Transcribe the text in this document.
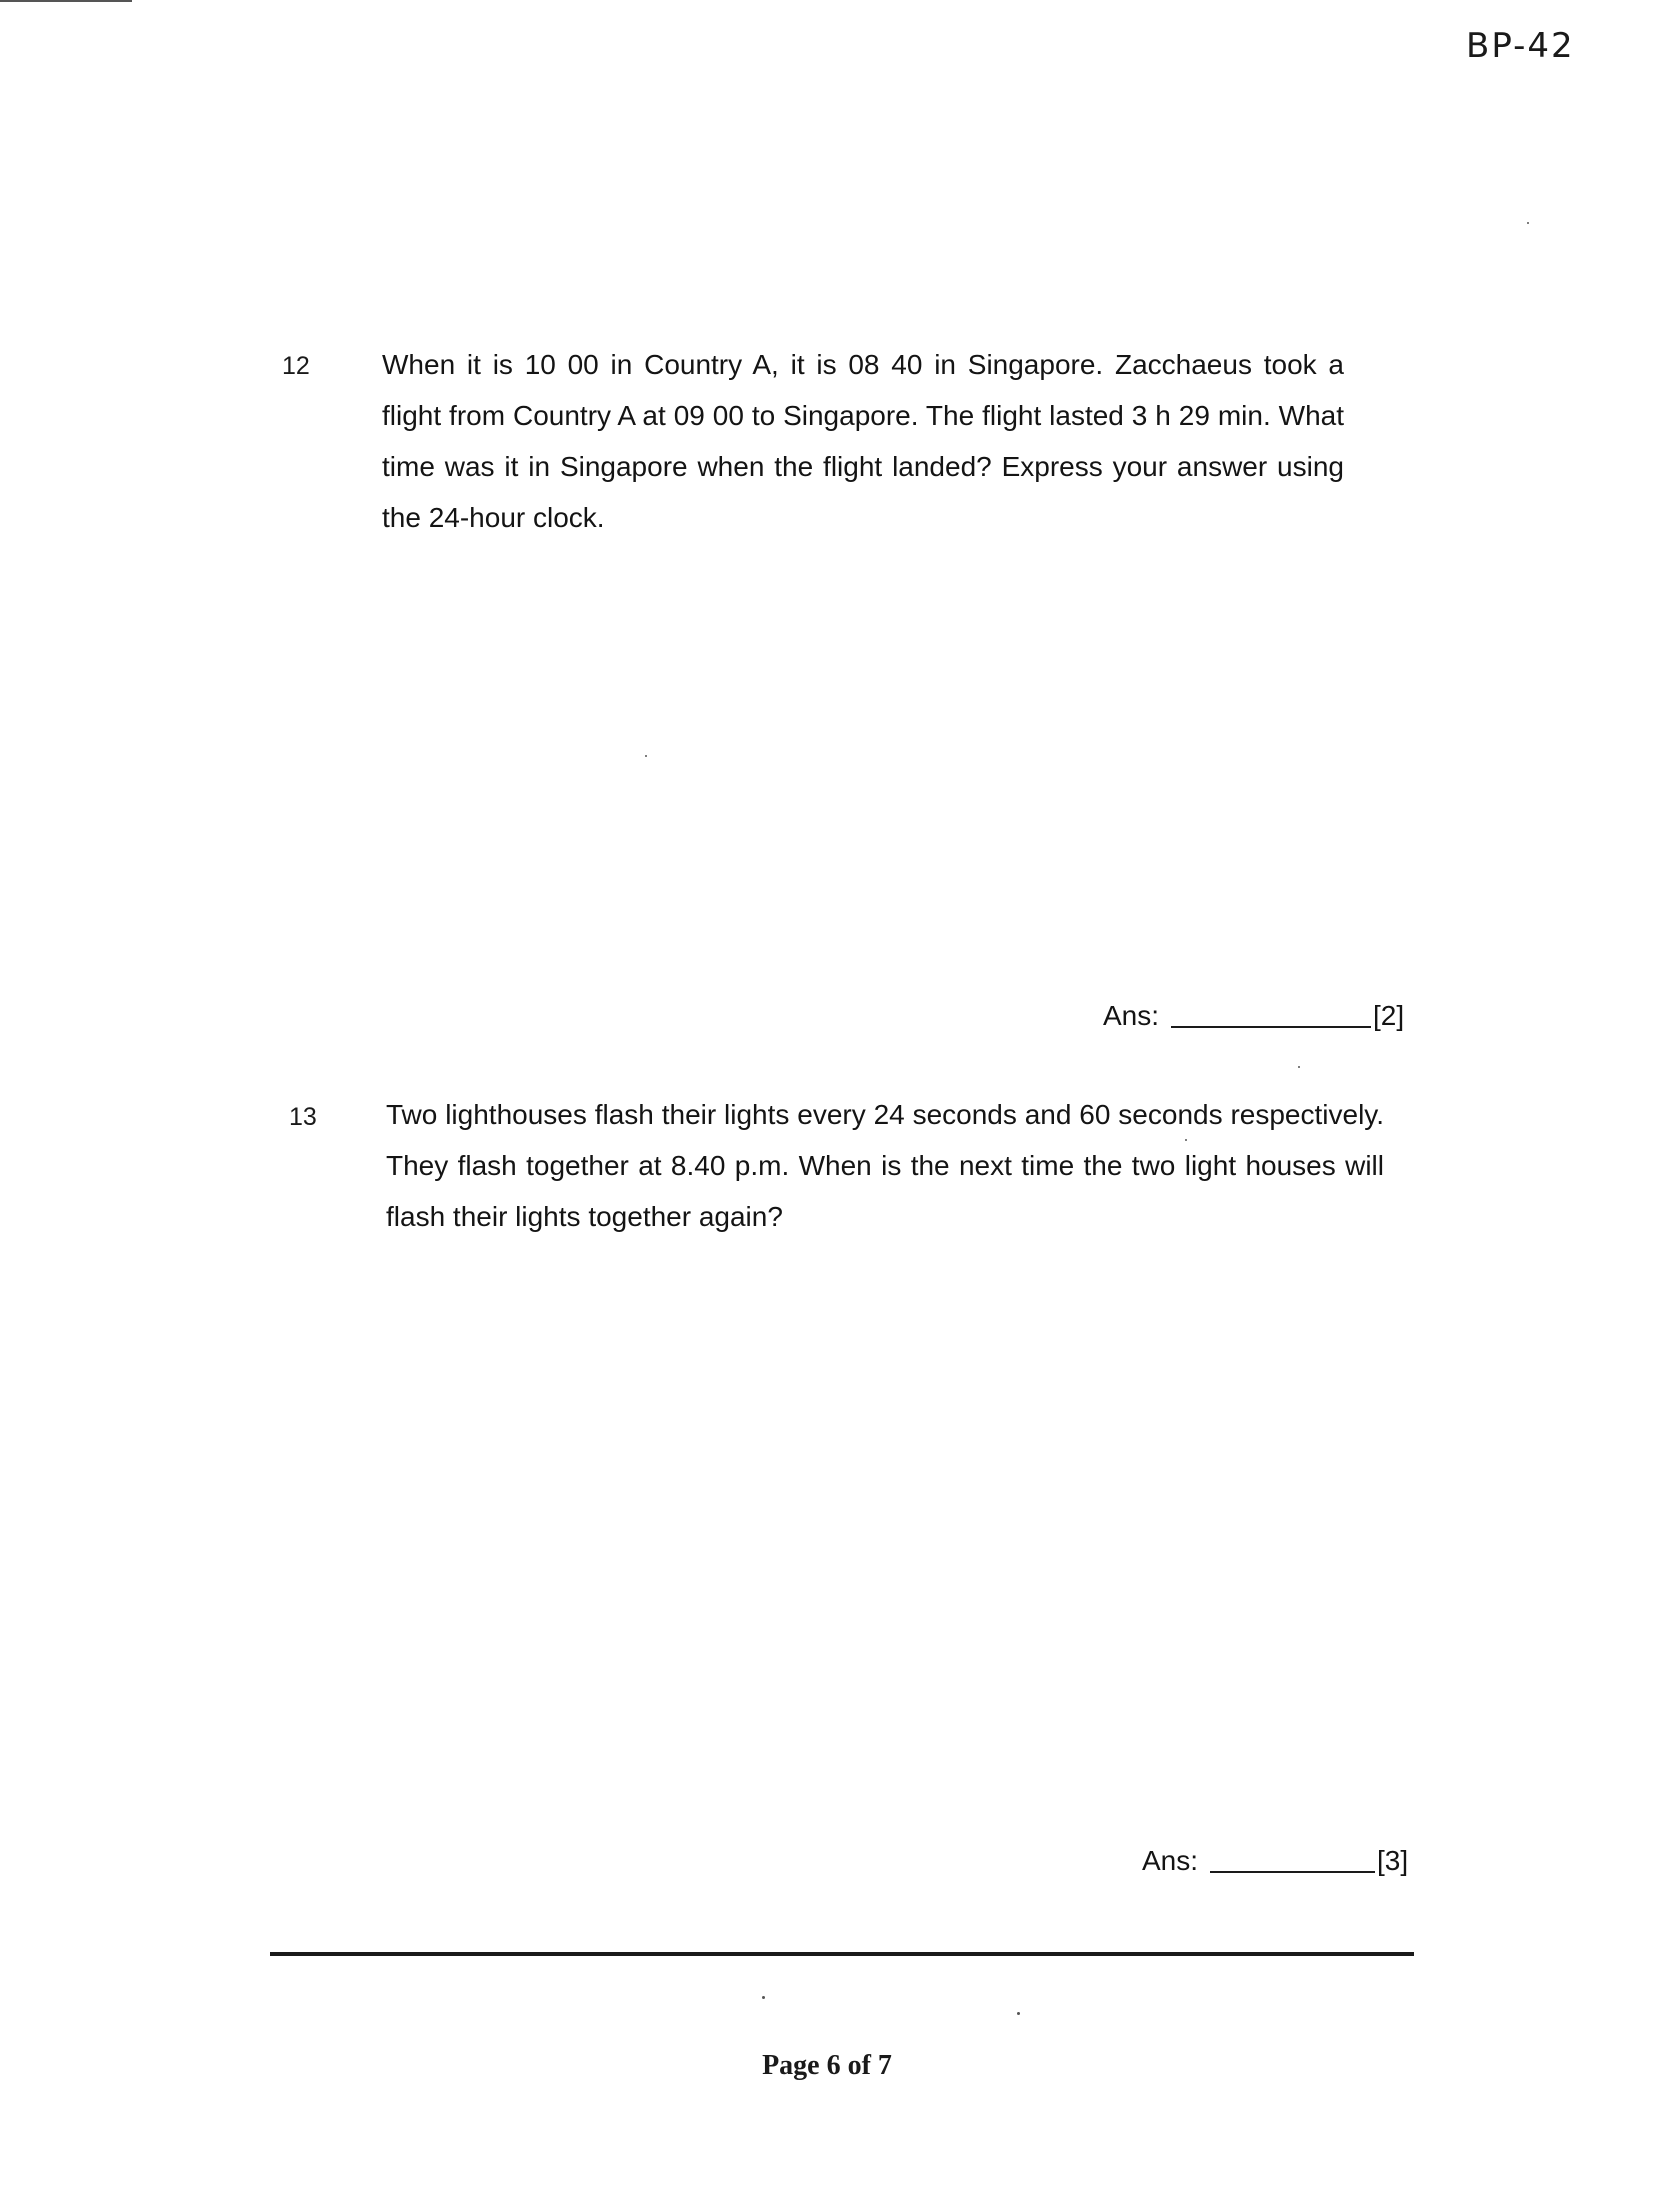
BP-42
12	When it is 10 00 in Country A, it is 08 40 in Singapore. Zacchaeus took a flight from Country A at 09 00 to Singapore. The flight lasted 3 h 29 min. What time was it in Singapore when the flight landed? Express your answer using the 24-hour clock.
Ans:	[2]
13 Two lighthouses flash their lights every 24 seconds and 60 seconds respectively. They flash together at 8.40 p.m. When is the next time the two light houses will flash their lights together again?
Ans:	[3]
Page 6 of 7
